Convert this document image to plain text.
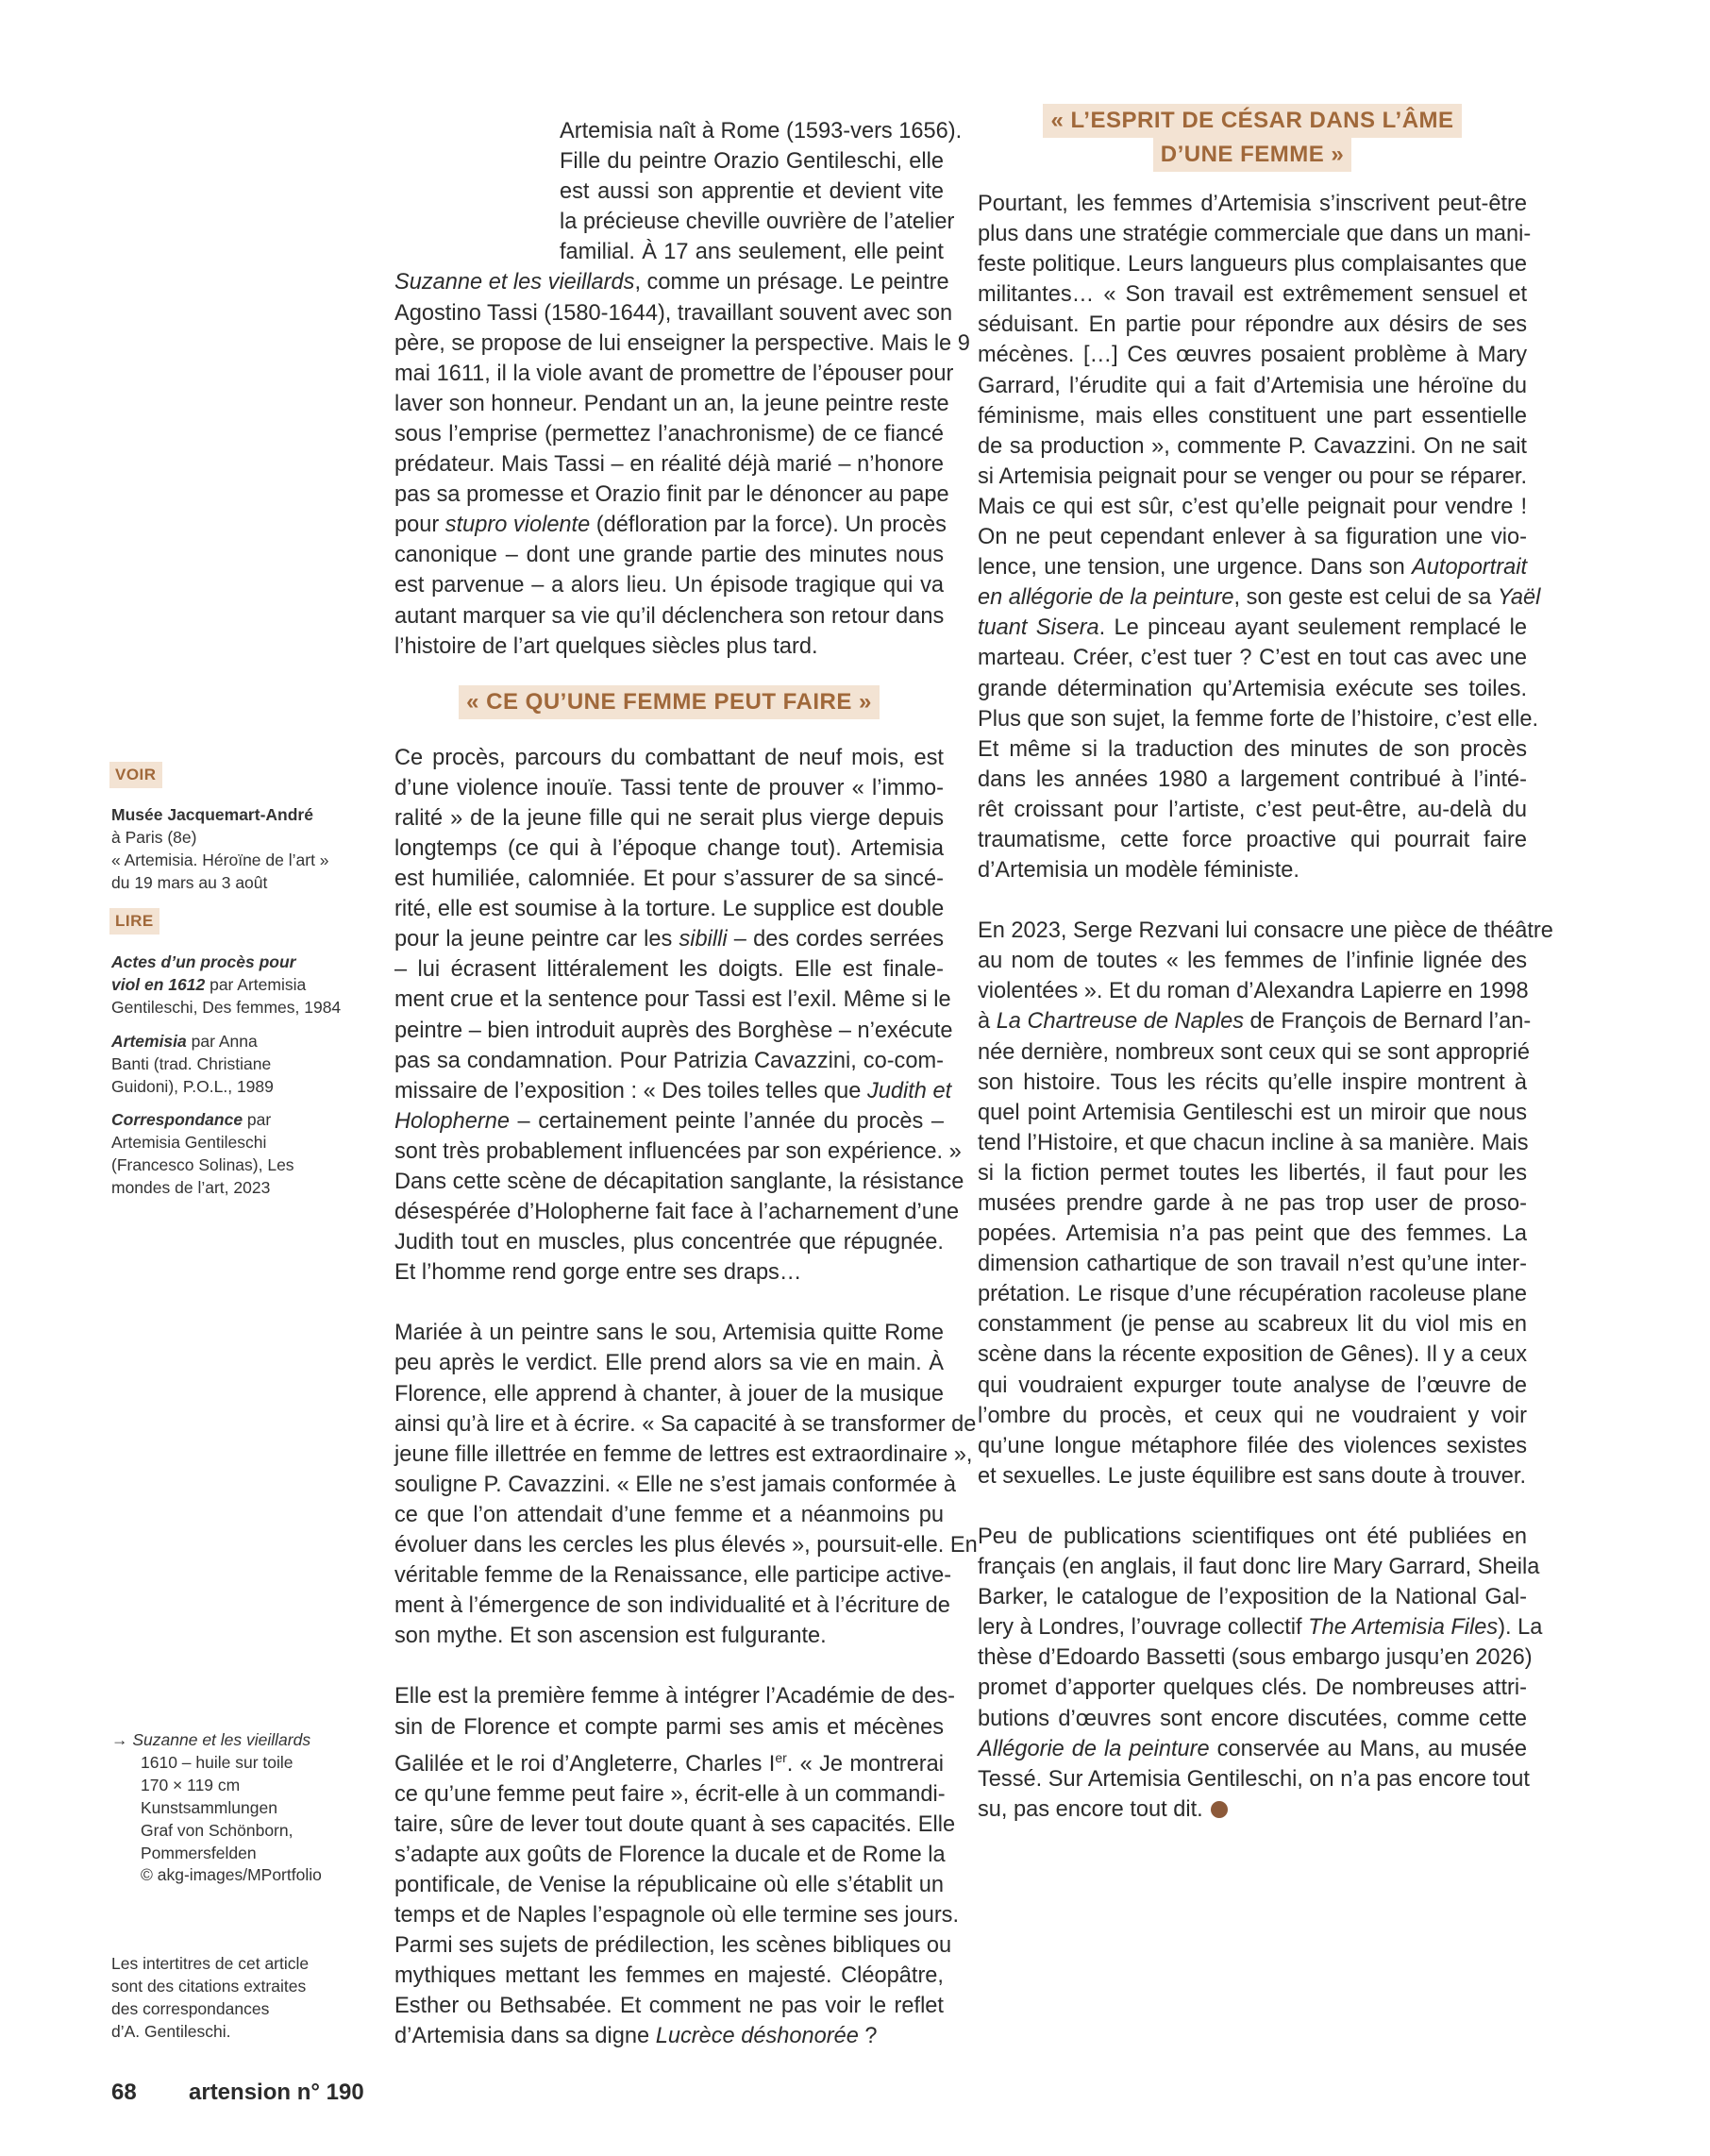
VOIR
Musée Jacquemart-André
à Paris (8e)
« Artemisia. Héroïne de l’art »
du 19 mars au 3 août
LIRE
Actes d’un procès pour
viol en 1612 par Artemisia
Gentileschi, Des femmes, 1984
Artemisia par Anna
Banti (trad. Christiane
Guidoni), P.O.L., 1989
Correspondance par
Artemisia Gentileschi
(Francesco Solinas), Les
mondes de l’art, 2023
→ Suzanne et les vieillards
1610 – huile sur toile
170 × 119 cm
Kunstsammlungen
Graf von Schönborn,
Pommersfelden
© akg-images/MPortfolio
Les intertitres de cet article
sont des citations extraites
des correspondances
d’A. Gentileschi.
Artemisia naît à Rome (1593-vers 1656).
Fille du peintre Orazio Gentileschi, elle
est aussi son apprentie et devient vite
la précieuse cheville ouvrière de l’atelier
familial. À 17 ans seulement, elle peint
Suzanne et les vieillards, comme un présage. Le peintre
Agostino Tassi (1580-1644), travaillant souvent avec son
père, se propose de lui enseigner la perspective. Mais le 9
mai 1611, il la viole avant de promettre de l’épouser pour
laver son honneur. Pendant un an, la jeune peintre reste
sous l’emprise (permettez l’anachronisme) de ce fiancé
prédateur. Mais Tassi – en réalité déjà marié – n’honore
pas sa promesse et Orazio finit par le dénoncer au pape
pour stupro violente (défloration par la force). Un procès
canonique – dont une grande partie des minutes nous
est parvenue – a alors lieu. Un épisode tragique qui va
autant marquer sa vie qu’il déclenchera son retour dans
l’histoire de l’art quelques siècles plus tard.
« CE QU’UNE FEMME PEUT FAIRE »
Ce procès, parcours du combattant de neuf mois, est
d’une violence inouïe. Tassi tente de prouver « l’immo-
ralité » de la jeune fille qui ne serait plus vierge depuis
longtemps (ce qui à l’époque change tout). Artemisia
est humiliée, calomniée. Et pour s’assurer de sa sincé-
rité, elle est soumise à la torture. Le supplice est double
pour la jeune peintre car les sibilli – des cordes serrées
– lui écrasent littéralement les doigts. Elle est finale-
ment crue et la sentence pour Tassi est l’exil. Même si le
peintre – bien introduit auprès des Borghèse – n’exécute
pas sa condamnation. Pour Patrizia Cavazzini, co-com-
missaire de l’exposition : « Des toiles telles que Judith et
Holopherne – certainement peinte l’année du procès –
sont très probablement influencées par son expérience. »
Dans cette scène de décapitation sanglante, la résistance
désespérée d’Holopherne fait face à l’acharnement d’une
Judith tout en muscles, plus concentrée que répugnée.
Et l’homme rend gorge entre ses draps…
Mariée à un peintre sans le sou, Artemisia quitte Rome
peu après le verdict. Elle prend alors sa vie en main. À
Florence, elle apprend à chanter, à jouer de la musique
ainsi qu’à lire et à écrire. « Sa capacité à se transformer de
jeune fille illettrée en femme de lettres est extraordinaire »,
souligne P. Cavazzini. « Elle ne s’est jamais conformée à
ce que l’on attendait d’une femme et a néanmoins pu
évoluer dans les cercles les plus élevés », poursuit-elle. En
véritable femme de la Renaissance, elle participe active-
ment à l’émergence de son individualité et à l’écriture de
son mythe. Et son ascension est fulgurante.
Elle est la première femme à intégrer l’Académie de des-
sin de Florence et compte parmi ses amis et mécènes
Galilée et le roi d’Angleterre, Charles Ier. « Je montrerai
ce qu’une femme peut faire », écrit-elle à un commandi-
taire, sûre de lever tout doute quant à ses capacités. Elle
s’adapte aux goûts de Florence la ducale et de Rome la
pontificale, de Venise la républicaine où elle s’établit un
temps et de Naples l’espagnole où elle termine ses jours.
Parmi ses sujets de prédilection, les scènes bibliques ou
mythiques mettant les femmes en majesté. Cléopâtre,
Esther ou Bethsabée. Et comment ne pas voir le reflet
d’Artemisia dans sa digne Lucrèce déshonorée ?
« L’ESPRIT DE CÉSAR DANS L’ÂME
D’UNE FEMME »
Pourtant, les femmes d’Artemisia s’inscrivent peut-être
plus dans une stratégie commerciale que dans un mani-
feste politique. Leurs langueurs plus complaisantes que
militantes… « Son travail est extrêmement sensuel et
séduisant. En partie pour répondre aux désirs de ses
mécènes. […] Ces œuvres posaient problème à Mary
Garrard, l’érudite qui a fait d’Artemisia une héroïne du
féminisme, mais elles constituent une part essentielle
de sa production », commente P. Cavazzini. On ne sait
si Artemisia peignait pour se venger ou pour se réparer.
Mais ce qui est sûr, c’est qu’elle peignait pour vendre !
On ne peut cependant enlever à sa figuration une vio-
lence, une tension, une urgence. Dans son Autoportrait
en allégorie de la peinture, son geste est celui de sa Yaël
tuant Sisera. Le pinceau ayant seulement remplacé le
marteau. Créer, c’est tuer ? C’est en tout cas avec une
grande détermination qu’Artemisia exécute ses toiles.
Plus que son sujet, la femme forte de l’histoire, c’est elle.
Et même si la traduction des minutes de son procès
dans les années 1980 a largement contribué à l’inté-
rêt croissant pour l’artiste, c’est peut-être, au-delà du
traumatisme, cette force proactive qui pourrait faire
d’Artemisia un modèle féministe.
En 2023, Serge Rezvani lui consacre une pièce de théâtre
au nom de toutes « les femmes de l’infinie lignée des
violentées ». Et du roman d’Alexandra Lapierre en 1998
à La Chartreuse de Naples de François de Bernard l’an-
née dernière, nombreux sont ceux qui se sont approprié
son histoire. Tous les récits qu’elle inspire montrent à
quel point Artemisia Gentileschi est un miroir que nous
tend l’Histoire, et que chacun incline à sa manière. Mais
si la fiction permet toutes les libertés, il faut pour les
musées prendre garde à ne pas trop user de proso-
popées. Artemisia n’a pas peint que des femmes. La
dimension cathartique de son travail n’est qu’une inter-
prétation. Le risque d’une récupération racoleuse plane
constamment (je pense au scabreux lit du viol mis en
scène dans la récente exposition de Gênes). Il y a ceux
qui voudraient expurger toute analyse de l’œuvre de
l’ombre du procès, et ceux qui ne voudraient y voir
qu’une longue métaphore filée des violences sexistes
et sexuelles. Le juste équilibre est sans doute à trouver.
Peu de publications scientifiques ont été publiées en
français (en anglais, il faut donc lire Mary Garrard, Sheila
Barker, le catalogue de l’exposition de la National Gal-
lery à Londres, l’ouvrage collectif The Artemisia Files). La
thèse d’Edoardo Bassetti (sous embargo jusqu’en 2026)
promet d’apporter quelques clés. De nombreuses attri-
butions d’œuvres sont encore discutées, comme cette
Allégorie de la peinture conservée au Mans, au musée
Tessé. Sur Artemisia Gentileschi, on n’a pas encore tout
su, pas encore tout dit.
68 artension n° 190
